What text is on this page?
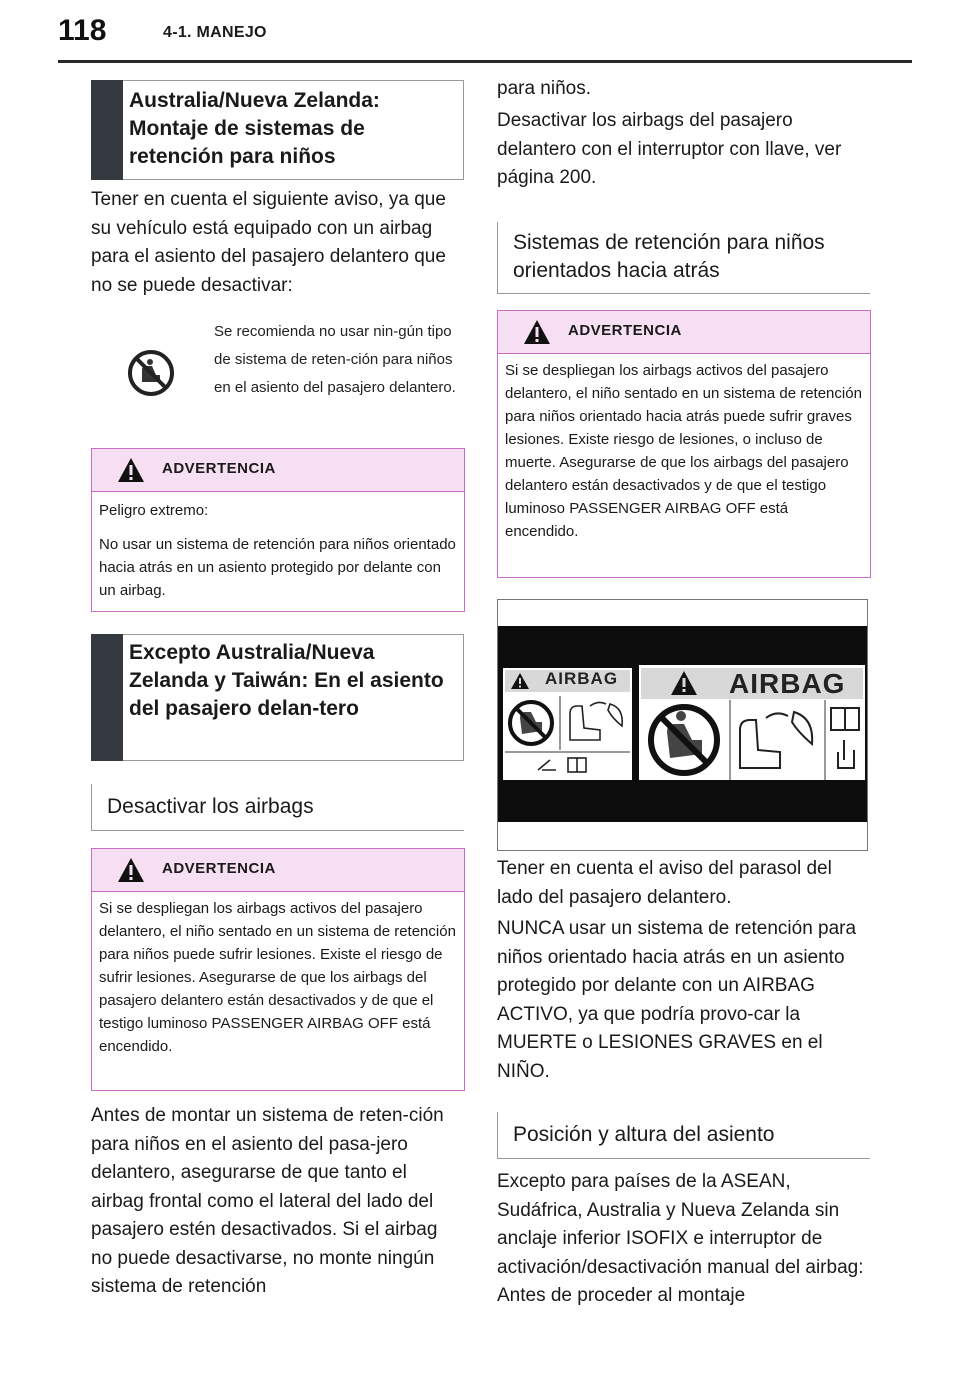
118	4-1. MANEJO
Australia/Nueva Zelanda: Montaje de sistemas de retención para niños
Tener en cuenta el siguiente aviso, ya que su vehículo está equipado con un airbag para el asiento del pasajero delantero que no se puede desactivar:
Se recomienda no usar nin-gún tipo de sistema de reten-ción para niños en el asiento del pasajero delantero.
ADVERTENCIA
Peligro extremo:
No usar un sistema de retención para niños orientado hacia atrás en un asiento protegido por delante con un airbag.
Excepto Australia/Nueva Zelanda y Taiwán: En el asiento del pasajero delan-tero
Desactivar los airbags
ADVERTENCIA
Si se despliegan los airbags activos del pasajero delantero, el niño sentado en un sistema de retención para niños puede sufrir lesiones. Existe el riesgo de sufrir lesiones. Asegurarse de que los airbags del pasajero delantero están desactivados y de que el testigo luminoso PASSENGER AIRBAG OFF está encendido.
Antes de montar un sistema de reten-ción para niños en el asiento del pasa-jero delantero, asegurarse de que tanto el airbag frontal como el lateral del lado del pasajero estén desactivados. Si el airbag no puede desactivarse, no monte ningún sistema de retención
para niños.
Desactivar los airbags del pasajero delantero con el interruptor con llave, ver página 200.
Sistemas de retención para niños orientados hacia atrás
ADVERTENCIA
Si se despliegan los airbags activos del pasajero delantero, el niño sentado en un sistema de retención para niños orientado hacia atrás puede sufrir graves lesiones. Existe riesgo de lesiones, o incluso de muerte. Asegurarse de que los airbags del pasajero delantero están desactivados y de que el testigo luminoso PASSENGER AIRBAG OFF está encendido.
AIRBAG	AIRBAG
Tener en cuenta el aviso del parasol del lado del pasajero delantero.
NUNCA usar un sistema de retención para niños orientado hacia atrás en un asiento protegido por delante con un AIRBAG ACTIVO, ya que podría provo-car la MUERTE o LESIONES GRAVES en el NIÑO.
Posición y altura del asiento
Excepto para países de la ASEAN, Sudáfrica, Australia y Nueva Zelanda sin anclaje inferior ISOFIX e interruptor de activación/desactivación manual del airbag: Antes de proceder al montaje
